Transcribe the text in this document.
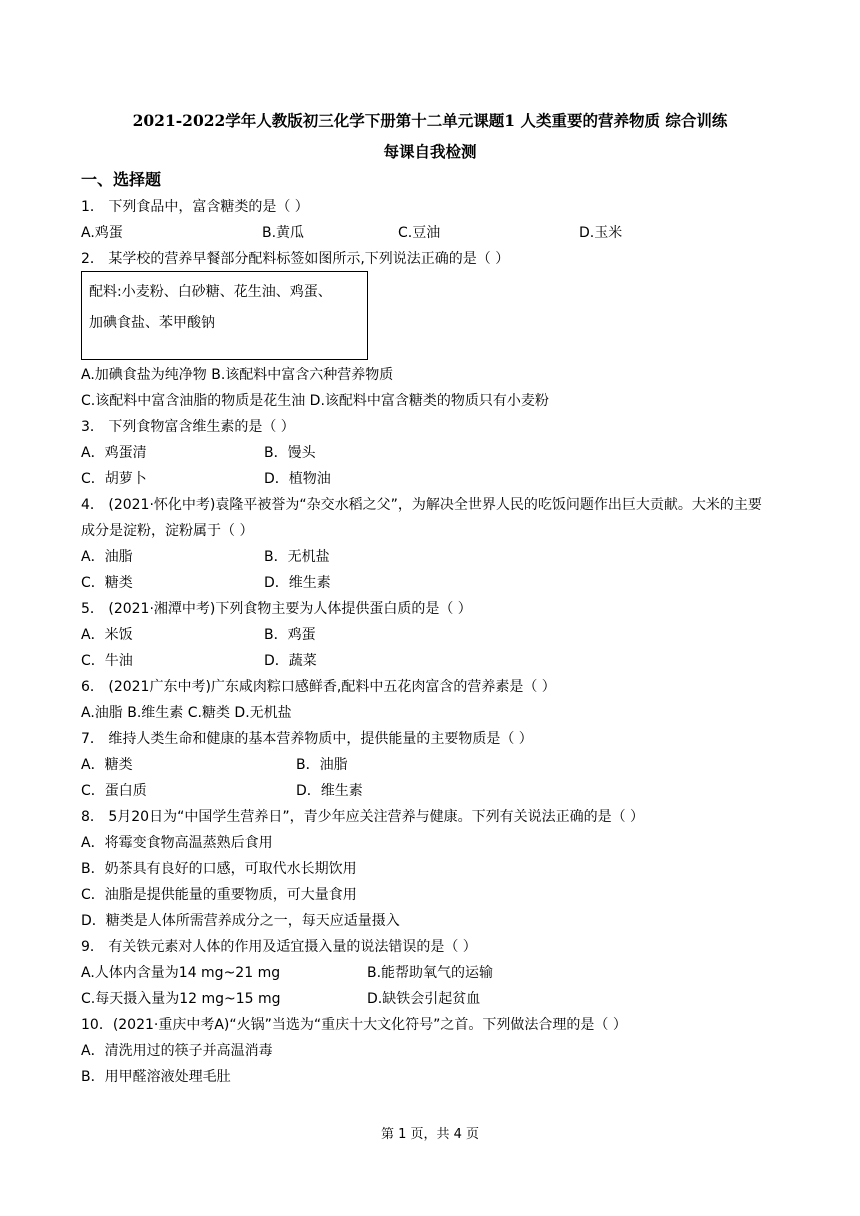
2021-2022学年人教版初三化学下册第十二单元课题1 人类重要的营养物质 综合训练
每课自我检测
一、选择题
1． 下列食品中，富含糖类的是（ ）
A.鸡蛋	B.黄瓜	C.豆油	D.玉米
2． 某学校的营养早餐部分配料标签如图所示,下列说法正确的是（ ）
配料:小麦粉、白砂糖、花生油、鸡蛋、
加碘食盐、苯甲酸钠
A.加碘食盐为纯净物 B.该配料中富含六种营养物质
C.该配料中富含油脂的物质是花生油 D.该配料中富含糖类的物质只有小麦粉
3． 下列食物富含维生素的是（ ）
A．鸡蛋清	B．馒头
C．胡萝卜	D．植物油
4． (2021·怀化中考)袁隆平被誉为“杂交水稻之父”，为解决全世界人民的吃饭问题作出巨大贡献。大米的主要
成分是淀粉，淀粉属于（ ）
A．油脂	B．无机盐
C．糖类	D．维生素
5． (2021·湘潭中考)下列食物主要为人体提供蛋白质的是（ ）
A．米饭	B．鸡蛋
C．牛油	D．蔬菜
6． (2021广东中考)广东咸肉粽口感鲜香,配料中五花肉富含的营养素是（ ）
A.油脂 B.维生素 C.糖类 D.无机盐
7． 维持人类生命和健康的基本营养物质中，提供能量的主要物质是（ ）
A．糖类	B．油脂
C．蛋白质	D．维生素
8． 5月20日为“中国学生营养日”，青少年应关注营养与健康。下列有关说法正确的是（ ）
A．将霉变食物高温蒸熟后食用
B．奶茶具有良好的口感，可取代水长期饮用
C．油脂是提供能量的重要物质，可大量食用
D．糖类是人体所需营养成分之一，每天应适量摄入
9． 有关铁元素对人体的作用及适宜摄入量的说法错误的是（ ）
A.人体内含量为14 mg~21 mg	B.能帮助氧气的运输
C.每天摄入量为12 mg~15 mg	D.缺铁会引起贫血
10．(2021·重庆中考A)“火锅”当选为“重庆十大文化符号”之首。下列做法合理的是（ ）
A．清洗用过的筷子并高温消毒
B．用甲醛溶液处理毛肚
第 1 页，共 4 页
